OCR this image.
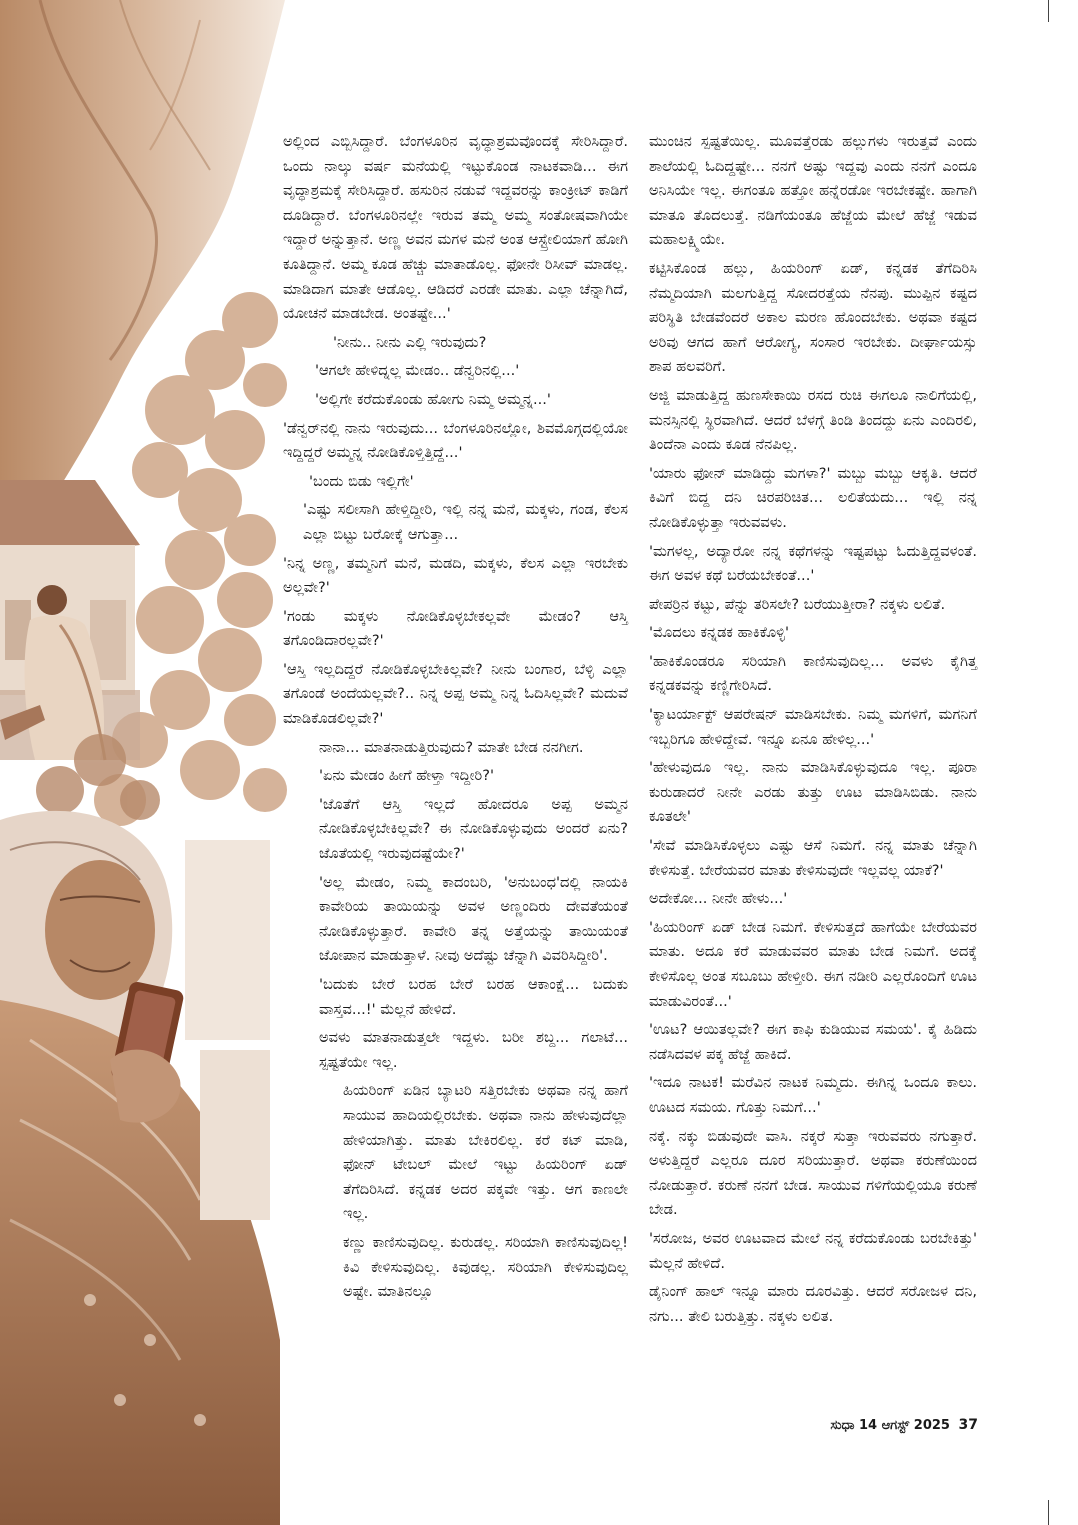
ಅಲ್ಲಿಂದ ಎಬ್ಬಿಸಿದ್ದಾರೆ. ಬೆಂಗಳೂರಿನ ವೃದ್ಧಾಶ್ರಮವೊಂದಕ್ಕೆ ಸೇರಿಸಿದ್ದಾರೆ. ಒಂದು ನಾಲ್ಕು ವರ್ಷ ಮನೆಯಲ್ಲಿ ಇಟ್ಟುಕೊಂಡ ನಾಟಕವಾಡಿ... ಈಗ ವೃದ್ಧಾಶ್ರಮಕ್ಕೆ ಸೇರಿಸಿದ್ದಾರೆ. ಹಸುರಿನ ನಡುವೆ ಇದ್ದವರನ್ನು ಕಾಂಕ್ರೀಟ್ ಕಾಡಿಗೆ ದೂಡಿದ್ದಾರೆ. ಬೆಂಗಳೂರಿನಲ್ಲೇ ಇರುವ ತಮ್ಮ ಅಮ್ಮ ಸಂತೋಷವಾಗಿಯೇ ಇದ್ದಾರೆ ಅನ್ನುತ್ತಾನೆ. ಅಣ್ಣ ಅವನ ಮಗಳ ಮನೆ ಅಂತ ಆಸ್ಟ್ರೇಲಿಯಾಗೆ ಹೋಗಿ ಕೂತಿದ್ದಾನೆ. ಅಮ್ಮ ಕೂಡ ಹೆಚ್ಚು ಮಾತಾಡೊಲ್ಲ. ಫೋನೇ ರಿಸೀವ್ ಮಾಡಲ್ಲ. ಮಾಡಿದಾಗ ಮಾತೇ ಆಡೊಲ್ಲ. ಆಡಿದರೆ ಎರಡೇ ಮಾತು. ಎಲ್ಲಾ ಚೆನ್ನಾಗಿದೆ, ಯೋಚನೆ ಮಾಡಬೇಡ. ಅಂತಷ್ಟೇ...'

'ನೀನು.. ನೀನು ಎಲ್ಲಿ ಇರುವುದು?

'ಆಗಲೇ ಹೇಳಿದ್ನಲ್ಲ ಮೇಡಂ.. ಡೆನ್ವರಿನಲ್ಲಿ...'

'ಅಲ್ಲಿಗೇ ಕರೆದುಕೊಂಡು ಹೋಗು ನಿಮ್ಮ ಅಮ್ಮನ್ನ...'

'ಡೆನ್ವರ್‌ನಲ್ಲಿ ನಾನು ಇರುವುದು... ಬೆಂಗಳೂರಿನಲ್ಲೋ, ಶಿವಮೊಗ್ಗದಲ್ಲಿಯೋ ಇದ್ದಿದ್ದರೆ ಅಮ್ಮನ್ನ ನೋಡಿಕೊಳ್ತಿತ್ತಿದ್ದೆ...'

'ಬಂದು ಬಿಡು ಇಲ್ಲಿಗೇ'

'ಎಷ್ಟು ಸಲೀಸಾಗಿ ಹೇಳ್ತಿದ್ದೀರಿ, ಇಲ್ಲಿ ನನ್ನ ಮನೆ, ಮಕ್ಕಳು, ಗಂಡ, ಕೆಲಸ ಎಲ್ಲಾ ಬಿಟ್ಟು ಬರೋಕ್ಕೆ ಆಗುತ್ತಾ...

'ನಿನ್ನ ಅಣ್ಣ, ತಮ್ಮನಿಗೆ ಮನೆ, ಮಡದಿ, ಮಕ್ಕಳು, ಕೆಲಸ ಎಲ್ಲಾ ಇರಬೇಕು ಅಲ್ಲವೇ?'

'ಗಂಡು ಮಕ್ಕಳು ನೋಡಿಕೊಳ್ಳಬೇಕಲ್ಲವೇ ಮೇಡಂ? ಆಸ್ತಿ ತಗೊಂಡಿದಾರಲ್ಲವೇ?'

'ಆಸ್ತಿ ಇಲ್ಲದಿದ್ದರೆ ನೋಡಿಕೊಳ್ಳಬೇಕಿಲ್ಲವೇ? ನೀನು ಬಂಗಾರ, ಬೆಳ್ಳಿ ಎಲ್ಲಾ ತಗೊಂಡೆ ಅಂದೆಯಲ್ಲವೇ?.. ನಿನ್ನ ಅಪ್ಪ ಅಮ್ಮ ನಿನ್ನ ಓದಿಸಿಲ್ಲವೇ? ಮದುವೆ ಮಾಡಿಕೊಡಲಿಲ್ಲವೇ?'

ನಾನಾ... ಮಾತನಾಡುತ್ತಿರುವುದು? ಮಾತೇ ಬೇಡ ನನಗೀಗ.

'ಏನು ಮೇಡಂ ಹೀಗೆ ಹೇಳ್ತಾ ಇದ್ದೀರಿ?'

'ಜೊತೆಗೆ ಆಸ್ತಿ ಇಲ್ಲದೆ ಹೋದರೂ ಅಪ್ಪ ಅಮ್ಮನ ನೋಡಿಕೊಳ್ಳಬೇಕಿಲ್ಲವೇ? ಈ ನೋಡಿಕೊಳ್ಳುವುದು ಅಂದರೆ ಏನು? ಜೊತೆಯಲ್ಲಿ ಇರುವುದಷ್ಟೆಯೇ?'

'ಅಲ್ಲ ಮೇಡಂ, ನಿಮ್ಮ ಕಾದಂಬರಿ, 'ಅನುಬಂಧ'ದಲ್ಲಿ ನಾಯಕಿ ಕಾವೇರಿಯ ತಾಯಿಯನ್ನು ಅವಳ ಅಣ್ಣಂದಿರು ದೇವತೆಯಂತೆ ನೋಡಿಕೊಳ್ಳುತ್ತಾರೆ. ಕಾವೇರಿ ತನ್ನ ಅತ್ತೆಯನ್ನು ತಾಯಿಯಂತೆ ಜೋಪಾನ ಮಾಡುತ್ತಾಳೆ. ನೀವು ಅದೆಷ್ಟು ಚೆನ್ನಾಗಿ ವಿವರಿಸಿದ್ದೀರಿ'.

'ಬದುಕು ಬೇರೆ ಬರಹ ಬೇರೆ ಬರಹ ಆಕಾಂಕ್ಷೆ... ಬದುಕು ವಾಸ್ತವ...!' ಮೆಲ್ಲನೆ ಹೇಳಿದೆ.

ಅವಳು ಮಾತನಾಡುತ್ತಲೇ ಇದ್ದಳು. ಬರೀ ಶಬ್ದ... ಗಲಾಟೆ... ಸ್ಪಷ್ಟತೆಯೇ ಇಲ್ಲ.

ಹಿಯರಿಂಗ್ ಏಡಿನ ಬ್ಯಾಟರಿ ಸತ್ತಿರಬೇಕು ಅಥವಾ ನನ್ನ ಹಾಗೆ ಸಾಯುವ ಹಾದಿಯಲ್ಲಿರಬೇಕು. ಅಥವಾ ನಾನು ಹೇಳುವುದೆಲ್ಲಾ ಹೇಳಿಯಾಗಿತ್ತು. ಮಾತು ಬೇಕಿರಲಿಲ್ಲ. ಕರೆ ಕಟ್ ಮಾಡಿ, ಫೋನ್ ಟೇಬಲ್ ಮೇಲೆ ಇಟ್ಟು ಹಿಯರಿಂಗ್ ಏಡ್ ತೆಗೆದಿರಿಸಿದೆ. ಕನ್ನಡಕ ಅದರ ಪಕ್ಕವೇ ಇತ್ತು. ಆಗ ಕಾಣಲೇ ಇಲ್ಲ.

ಕಣ್ಣು ಕಾಣಿಸುವುದಿಲ್ಲ. ಕುರುಡಲ್ಲ. ಸರಿಯಾಗಿ ಕಾಣಿಸುವುದಿಲ್ಲ! ಕಿವಿ ಕೇಳಿಸುವುದಿಲ್ಲ. ಕಿವುಡಲ್ಲ. ಸರಿಯಾಗಿ ಕೇಳಿಸುವುದಿಲ್ಲ ಅಷ್ಟೇ. ಮಾತಿನಲ್ಲೂ

ಮುಂಚಿನ ಸ್ಪಷ್ಟತೆಯಿಲ್ಲ. ಮೂವತ್ತೆರಡು ಹಲ್ಲುಗಳು ಇರುತ್ತವೆ ಎಂದು ಶಾಲೆಯಲ್ಲಿ ಓದಿದ್ದಷ್ಟೇ... ನನಗೆ ಅಷ್ಟು ಇದ್ದವು ಎಂದು ನನಗೆ ಎಂದೂ ಅನಿಸಿಯೇ ಇಲ್ಲ. ಈಗಂತೂ ಹತ್ತೋ ಹನ್ನೆರಡೋ ಇರಬೇಕಷ್ಟೇ. ಹಾಗಾಗಿ ಮಾತೂ ತೊದಲುತ್ತೆ. ನಡಿಗೆಯಂತೂ ಹೆಜ್ಜೆಯ ಮೇಲೆ ಹೆಜ್ಜೆ ಇಡುವ ಮಹಾಲಕ್ಷ್ಮಿಯೇ.

ಕಟ್ಟಿಸಿಕೊಂಡ ಹಲ್ಲು, ಹಿಯರಿಂಗ್ ಏಡ್, ಕನ್ನಡಕ ತೆಗೆದಿರಿಸಿ ನೆಮ್ಮದಿಯಾಗಿ ಮಲಗುತ್ತಿದ್ದ ಸೋದರತ್ತೆಯ ನೆನಪು. ಮುಪ್ಪಿನ ಕಷ್ಟದ ಪರಿಸ್ಥಿತಿ ಬೇಡವೆಂದರೆ ಅಕಾಲ ಮರಣ ಹೊಂದಬೇಕು. ಅಥವಾ ಕಷ್ಟದ ಅರಿವು ಆಗದ ಹಾಗೆ ಆರೋಗ್ಯ, ಸಂಸಾರ ಇರಬೇಕು. ದೀರ್ಘಾಯಸ್ಸು ಶಾಪ ಹಲವರಿಗೆ.

ಅಜ್ಜಿ ಮಾಡುತ್ತಿದ್ದ ಹುಣಸೇಕಾಯಿ ರಸದ ರುಚಿ ಈಗಲೂ ನಾಲಿಗೆಯಲ್ಲಿ, ಮನಸ್ಸಿನಲ್ಲಿ ಸ್ಥಿರವಾಗಿದೆ. ಆದರೆ ಬೆಳಗ್ಗೆ ತಿಂಡಿ ತಿಂದದ್ದು ಏನು ಎಂದಿರಲಿ, ತಿಂದೆನಾ ಎಂದು ಕೂಡ ನೆನಪಿಲ್ಲ.

'ಯಾರು ಫೋನ್ ಮಾಡಿದ್ದು ಮಗಳಾ?' ಮಬ್ಬು ಮಬ್ಬು ಆಕೃತಿ. ಆದರೆ ಕಿವಿಗೆ ಬಿದ್ದ ದನಿ ಚಿರಪರಿಚಿತ... ಲಲಿತೆಯದು... ಇಲ್ಲಿ ನನ್ನ ನೋಡಿಕೊಳ್ಳುತ್ತಾ ಇರುವವಳು.

'ಮಗಳಲ್ಲ, ಅದ್ಯಾರೋ ನನ್ನ ಕಥೆಗಳನ್ನು ಇಷ್ಟಪಟ್ಟು ಓದುತ್ತಿದ್ದವಳಂತೆ. ಈಗ ಅವಳ ಕಥೆ ಬರೆಯಬೇಕಂತೆ...'

ಪೇಪರ್ರಿನ ಕಟ್ಟು, ಪೆನ್ನು ತರಿಸಲೇ? ಬರೆಯುತ್ತೀರಾ? ನಕ್ಕಳು ಲಲಿತೆ.

'ಮೊದಲು ಕನ್ನಡಕ ಹಾಕಿಕೊಳ್ಳಿ'

'ಹಾಕಿಕೊಂಡರೂ ಸರಿಯಾಗಿ ಕಾಣಿಸುವುದಿಲ್ಲ... ಅವಳು ಕೈಗಿತ್ತ ಕನ್ನಡಕವನ್ನು ಕಣ್ಣಿಗೇರಿಸಿದೆ.

'ಕ್ಯಾಟರ್ಯಾಕ್ಟ್ ಆಪರೇಷನ್ ಮಾಡಿಸಬೇಕು. ನಿಮ್ಮ ಮಗಳಿಗೆ, ಮಗನಿಗೆ ಇಬ್ಬರಿಗೂ ಹೇಳಿದ್ದೇವೆ. ಇನ್ನೂ ಏನೂ ಹೇಳಿಲ್ಲ...'

'ಹೇಳುವುದೂ ಇಲ್ಲ. ನಾನು ಮಾಡಿಸಿಕೊಳ್ಳುವುದೂ ಇಲ್ಲ. ಪೂರಾ ಕುರುಡಾದರೆ ನೀನೇ ಎರಡು ತುತ್ತು ಊಟ ಮಾಡಿಸಿಬಿಡು. ನಾನು ಕೂತಲೇ'

'ಸೇವೆ ಮಾಡಿಸಿಕೊಳ್ಳಲು ಎಷ್ಟು ಆಸೆ ನಿಮಗೆ. ನನ್ನ ಮಾತು ಚೆನ್ನಾಗಿ ಕೇಳಿಸುತ್ತೆ. ಬೇರೆಯವರ ಮಾತು ಕೇಳಿಸುವುದೇ ಇಲ್ಲವಲ್ಲ ಯಾಕೆ?'

ಅದೇಕೋ... ನೀನೇ ಹೇಳು...'

'ಹಿಯರಿಂಗ್ ಏಡ್ ಬೇಡ ನಿಮಗೆ. ಕೇಳಿಸುತ್ತದೆ ಹಾಗೆಯೇ ಬೇರೆಯವರ ಮಾತು. ಅದೂ ಕರೆ ಮಾಡುವವರ ಮಾತು ಬೇಡ ನಿಮಗೆ. ಅದಕ್ಕೆ ಕೇಳಿಸೊಲ್ಲ ಅಂತ ಸಬೂಬು ಹೇಳ್ತೀರಿ. ಈಗ ನಡೀರಿ ಎಲ್ಲರೊಂದಿಗೆ ಊಟ ಮಾಡುವಿರಂತೆ...'

'ಊಟ? ಆಯಿತಲ್ಲವೇ? ಈಗ ಕಾಫಿ ಕುಡಿಯುವ ಸಮಯ'. ಕೈ ಹಿಡಿದು ನಡೆಸಿದವಳ ಪಕ್ಕ ಹೆಜ್ಜೆ ಹಾಕಿದೆ.

'ಇದೂ ನಾಟಕ! ಮರೆವಿನ ನಾಟಕ ನಿಮ್ಮದು. ಈಗಿನ್ನ ಒಂದೂ ಕಾಲು. ಊಟದ ಸಮಯ. ಗೊತ್ತು ನಿಮಗೆ...'

ನಕ್ಕೆ. ನಕ್ಕು ಬಿಡುವುದೇ ವಾಸಿ. ನಕ್ಕರೆ ಸುತ್ತಾ ಇರುವವರು ನಗುತ್ತಾರೆ. ಅಳುತ್ತಿದ್ದರೆ ಎಲ್ಲರೂ ದೂರ ಸರಿಯುತ್ತಾರೆ. ಅಥವಾ ಕರುಣೆಯಿಂದ ನೋಡುತ್ತಾರೆ. ಕರುಣೆ ನನಗೆ ಬೇಡ. ಸಾಯುವ ಗಳಿಗೆಯಲ್ಲಿಯೂ ಕರುಣೆ ಬೇಡ.

'ಸರೋಜ, ಅವರ ಊಟವಾದ ಮೇಲೆ ನನ್ನ ಕರೆದುಕೊಂಡು ಬರಬೇಕಿತ್ತು' ಮೆಲ್ಲನೆ ಹೇಳಿದೆ.

ಡೈನಿಂಗ್ ಹಾಲ್ ಇನ್ನೂ ಮಾರು ದೂರವಿತ್ತು. ಆದರೆ ಸರೋಜಳ ದನಿ, ನಗು... ತೇಲಿ ಬರುತ್ತಿತ್ತು. ನಕ್ಕಳು ಲಲಿತ.

ಸುಧಾ 14 ಆಗಸ್ಟ್ 2025 37
